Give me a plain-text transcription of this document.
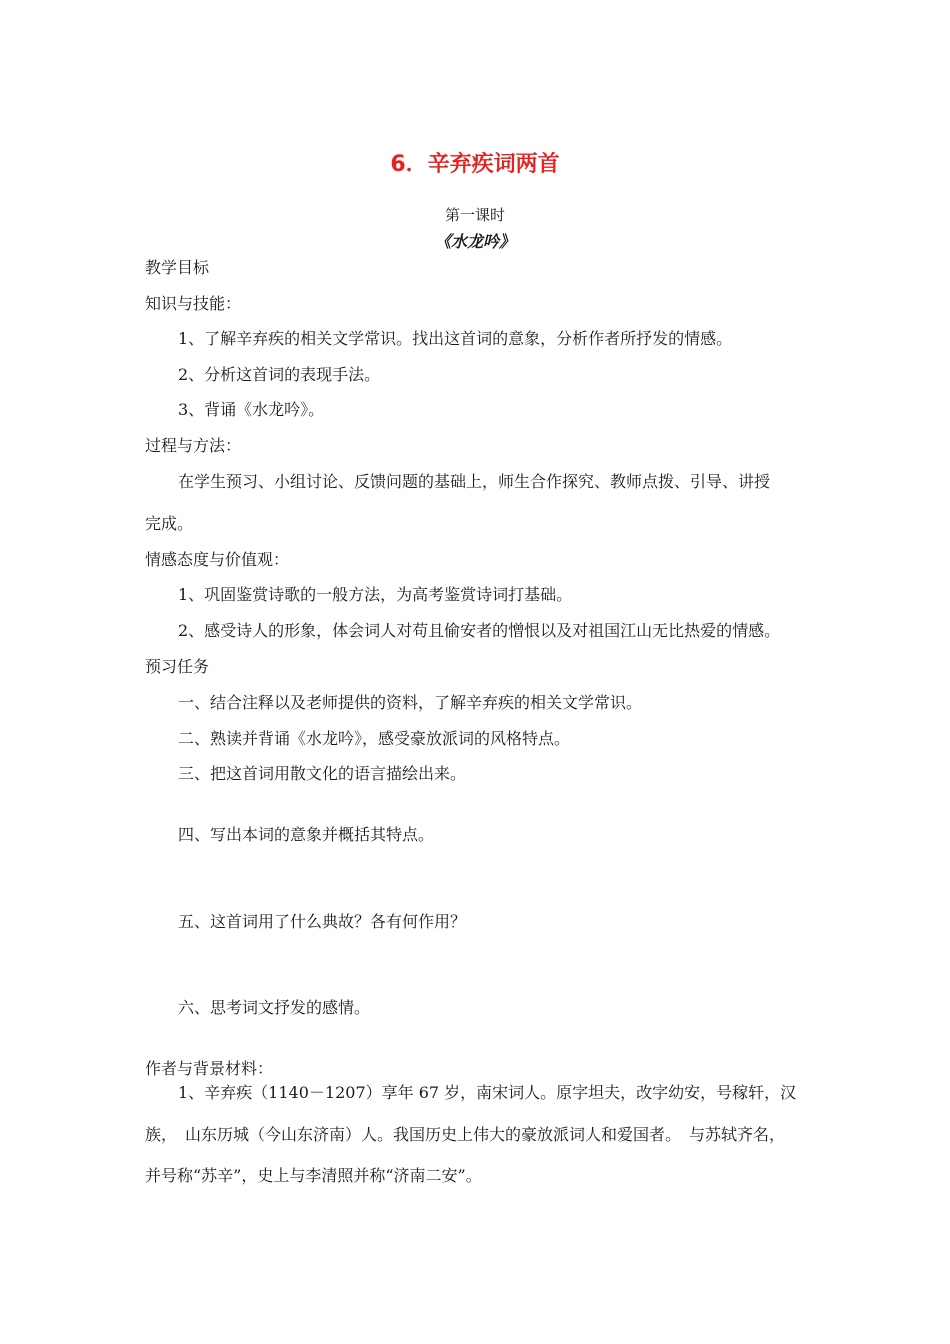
6．辛弃疾词两首
第一课时
《水龙吟》
教学目标
知识与技能：
1、了解辛弃疾的相关文学常识。找出这首词的意象，分析作者所抒发的情感。
2、分析这首词的表现手法。
3、背诵《水龙吟》。
过程与方法：
在学生预习、小组讨论、反馈问题的基础上，师生合作探究、教师点拨、引导、讲授
完成。
情感态度与价值观：
1、巩固鉴赏诗歌的一般方法，为高考鉴赏诗词打基础。
2、感受诗人的形象，体会词人对苟且偷安者的憎恨以及对祖国江山无比热爱的情感。
预习任务
一、结合注释以及老师提供的资料，了解辛弃疾的相关文学常识。
二、熟读并背诵《水龙吟》，感受豪放派词的风格特点。
三、把这首词用散文化的语言描绘出来。
四、写出本词的意象并概括其特点。
五、这首词用了什么典故？各有何作用？
六、思考词文抒发的感情。
作者与背景材料：
1、辛弃疾（1140－1207）享年 67 岁，南宋词人。原字坦夫，改字幼安，号稼轩，汉
族，　山东历城（今山东济南）人。我国历史上伟大的豪放派词人和爱国者。　与苏轼齐名，
并号称“苏辛”，史上与李清照并称“济南二安”。
